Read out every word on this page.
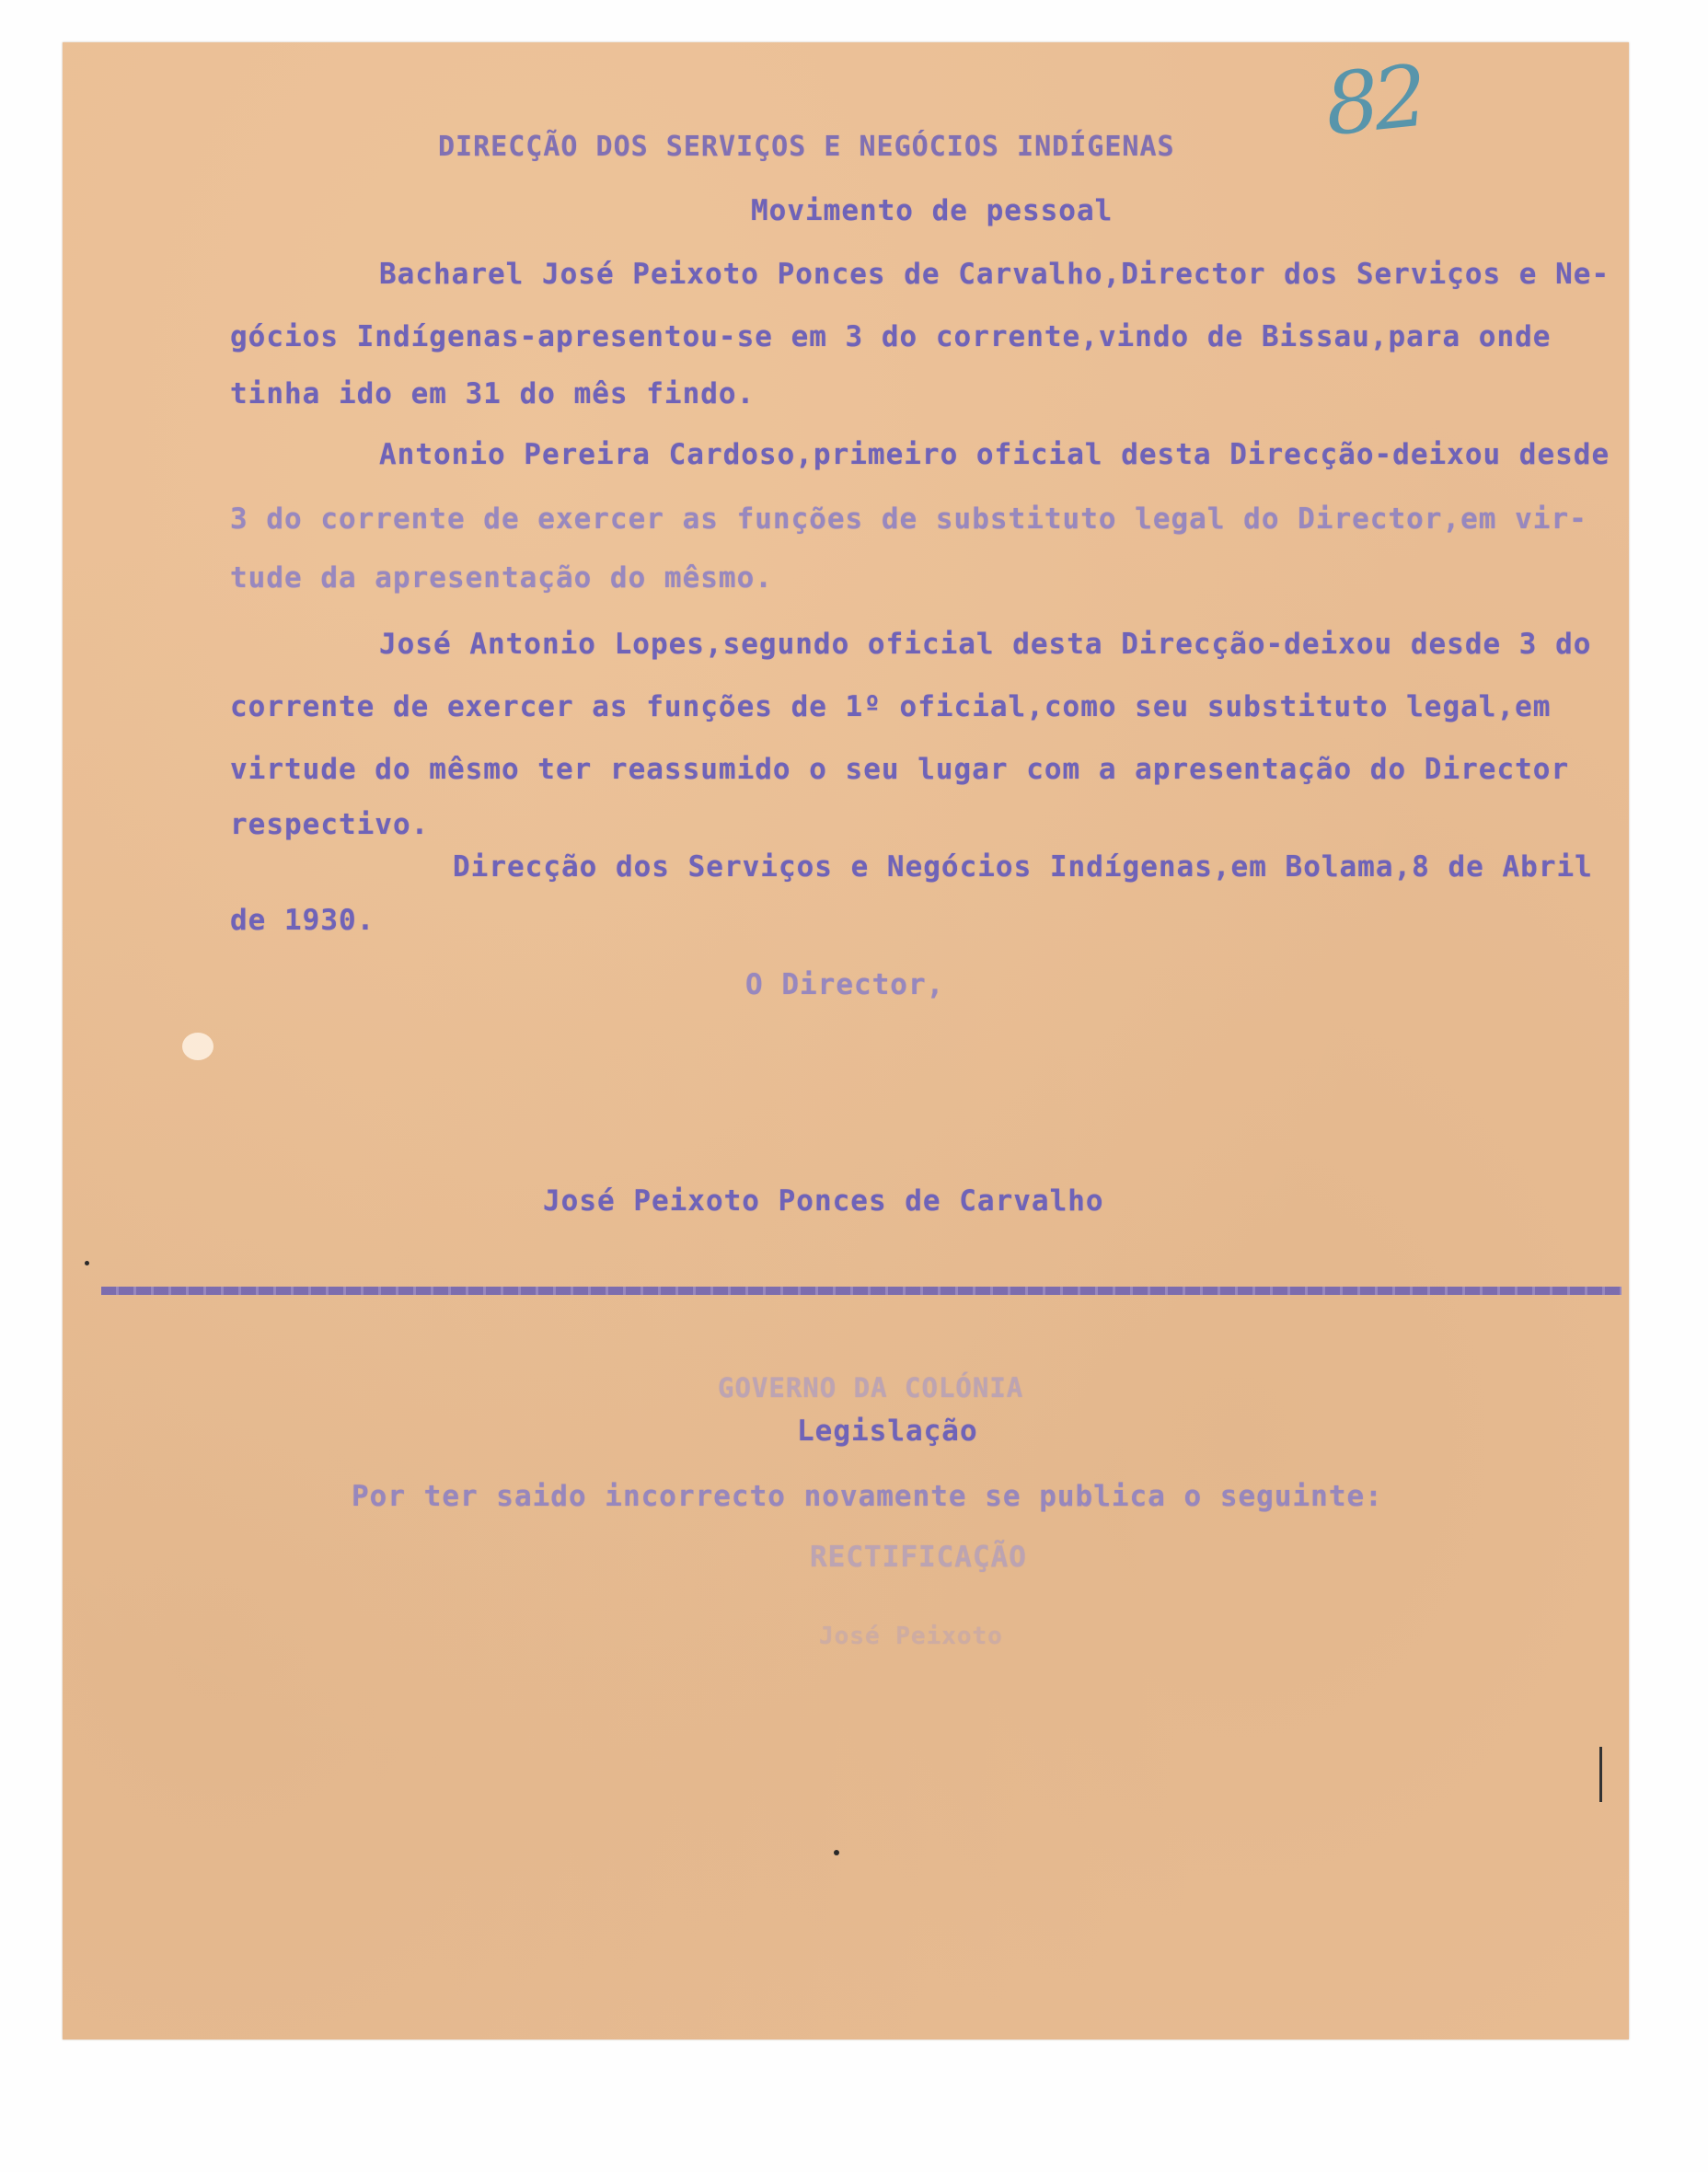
82
DIRECÇÃO DOS SERVIÇOS E NEGÓCIOS INDÍGENAS
Movimento de pessoal
Bacharel José Peixoto Ponces de Carvalho,Director dos Serviços e Ne-
gócios Indígenas-apresentou-se em 3 do corrente,vindo de Bissau,para onde
tinha ido em 31 do mês findo.
Antonio Pereira Cardoso,primeiro oficial desta Direcção-deixou desde
3 do corrente de exercer as funções de substituto legal do Director,em vir-
tude da apresentação do mêsmo.
José Antonio Lopes,segundo oficial desta Direcção-deixou desde 3 do
corrente de exercer as funções de 1º oficial,como seu substituto legal,em
virtude do mêsmo ter reassumido o seu lugar com a apresentação do Director
respectivo.
Direcção dos Serviços e Negócios Indígenas,em Bolama,8 de Abril
de 1930.
O Director,
José Peixoto Ponces de Carvalho
GOVERNO DA COLÓNIA
Legislação
Por ter saido incorrecto novamente se publica o seguinte:
RECTIFICAÇÃO
José Peixoto
